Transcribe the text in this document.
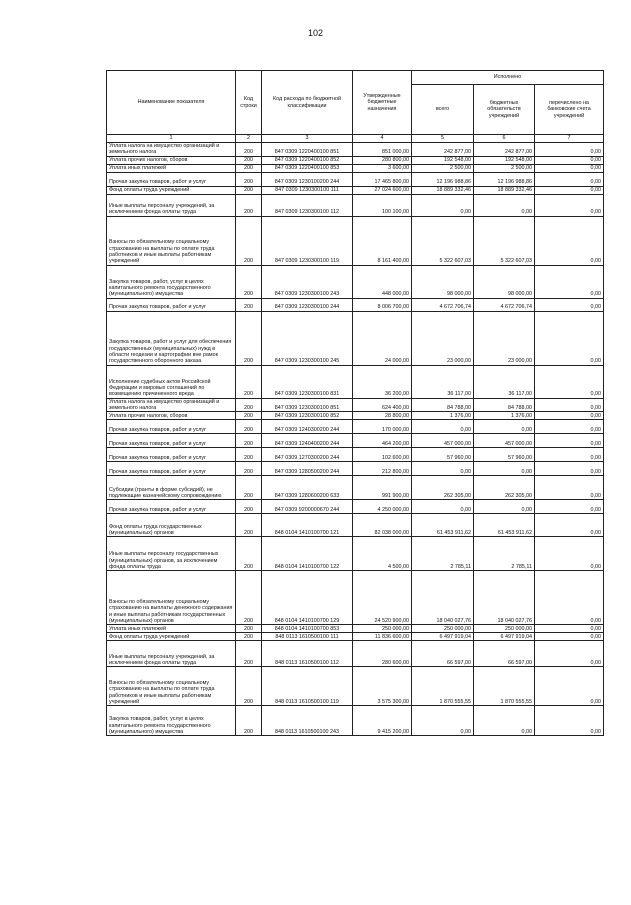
102
Наименование показателя	Код строки	Код расхода по бюджетной классификации	Утвержденные бюджетные назначения	Исполнено		
				всего	бюджетных обязательств учреждений	перечислено на банковские счета учреждений
1	2	3	4	5	6	7
Уплата налога на имущество организаций и земельного налога	200	847 0309 1220400100 851	851 000,00	242 877,00	242 877,00	0,00
Уплата прочих налогов, сборов	200	847 0309 1220400100 852	280 800,00	192 548,00	192 548,00	0,00
Уплата иных платежей	200	847 0309 1220400100 853	3 600,00	2 500,00	2 500,00	0,00
Прочая закупка товаров, работ и услуг	200	847 0309 1230100200 244	17 465 800,00	12 196 988,86	12 196 988,86	0,00
Фонд оплаты труда учреждений	200	847 0309 1230300100 111	27 024 600,00	18 889 332,46	18 889 332,46	0,00
Иные выплаты персоналу учреждений, за исключением фонда оплаты труда	200	847 0309 1230300100 112	100 100,00	0,00	0,00	0,00
Взносы по обязательному социальному страхованию на выплаты по оплате труда работников и иные выплаты работникам учреждений	200	847 0309 1230300100 119	8 161 400,00	5 322 607,03	5 322 607,03	0,00
Закупка товаров, работ, услуг в целях капитального ремонта государственного (муниципального) имущества	200	847 0309 1230300100 243	448 000,00	98 000,00	98 000,00	0,00
Прочая закупка товаров, работ и услуг	200	847 0309 1230300100 244	8 006 700,00	4 672 706,74	4 672 706,74	0,00
Закупка товаров, работ и услуг для обеспечения государственных (муниципальных) нужд в области геодезии и картографии вне рамок государственного оборонного заказа	200	847 0309 1230300100 245	24 000,00	23 000,00	23 000,00	0,00
Исполнение судебных актов Российской Федерации и мировых соглашений по возмещению причиненного вреда	200	847 0309 1230300100 831	36 200,00	36 117,00	36 117,00	0,00
Уплата налога на имущество организаций и земельного налога	200	847 0309 1230300100 851	624 400,00	84 788,00	84 788,00	0,00
Уплата прочих налогов, сборов	200	847 0309 1230300100 852	28 800,00	1 376,00	1 376,00	0,00
Прочая закупка товаров, работ и услуг	200	847 0309 1240300200 244	170 000,00	0,00	0,00	0,00
Прочая закупка товаров, работ и услуг	200	847 0309 1240400200 244	464 200,00	457 000,00	457 000,00	0,00
Прочая закупка товаров, работ и услуг	200	847 0309 1270300200 244	102 600,00	57 960,00	57 960,00	0,00
Прочая закупка товаров, работ и услуг	200	847 0309 1280500200 244	212 800,00	0,00	0,00	0,00
Субсидии (гранты в форме субсидий), не подлежащие казначейскому сопровождению	200	847 0309 1280600200 633	991 900,00	262 305,00	262 305,00	0,00
Прочая закупка товаров, работ и услуг	200	847 0309 9200000670 244	4 250 000,00	0,00	0,00	0,00
Фонд оплаты труда государственных (муниципальных) органов	200	848 0104 1410100700 121	82 038 000,00	61 453 911,62	61 453 911,62	0,00
Иные выплаты персоналу государственных (муниципальных) органов, за исключением фонда оплаты труда	200	848 0104 1410100700 122	4 500,00	2 785,11	2 785,11	0,00
Взносы по обязательному социальному страхованию на выплаты денежного содержания и иные выплаты работникам государственных (муниципальных) органов	200	848 0104 1410100700 129	24 520 900,00	18 040 027,76	18 040 027,76	0,00
Уплата иных платежей	200	848 0104 1410100700 853	250 000,00	250 000,00	250 000,00	0,00
Фонд оплаты труда учреждений	200	848 0113 1610500100 111	11 836 600,00	6 497 919,04	6 497 919,04	0,00
Иные выплаты персоналу учреждений, за исключением фонда оплаты труда	200	848 0113 1610500100 112	280 600,00	66 597,00	66 597,00	0,00
Взносы по обязательному социальному страхованию на выплаты по оплате труда работников и иные выплаты работникам учреждений	200	848 0113 1610500100 119	3 575 300,00	1 870 555,55	1 870 555,55	0,00
Закупка товаров, работ, услуг в целях капитального ремонта государственного (муниципального) имущества	200	848 0113 1610500100 243	9 415 200,00	0,00	0,00	0,00
